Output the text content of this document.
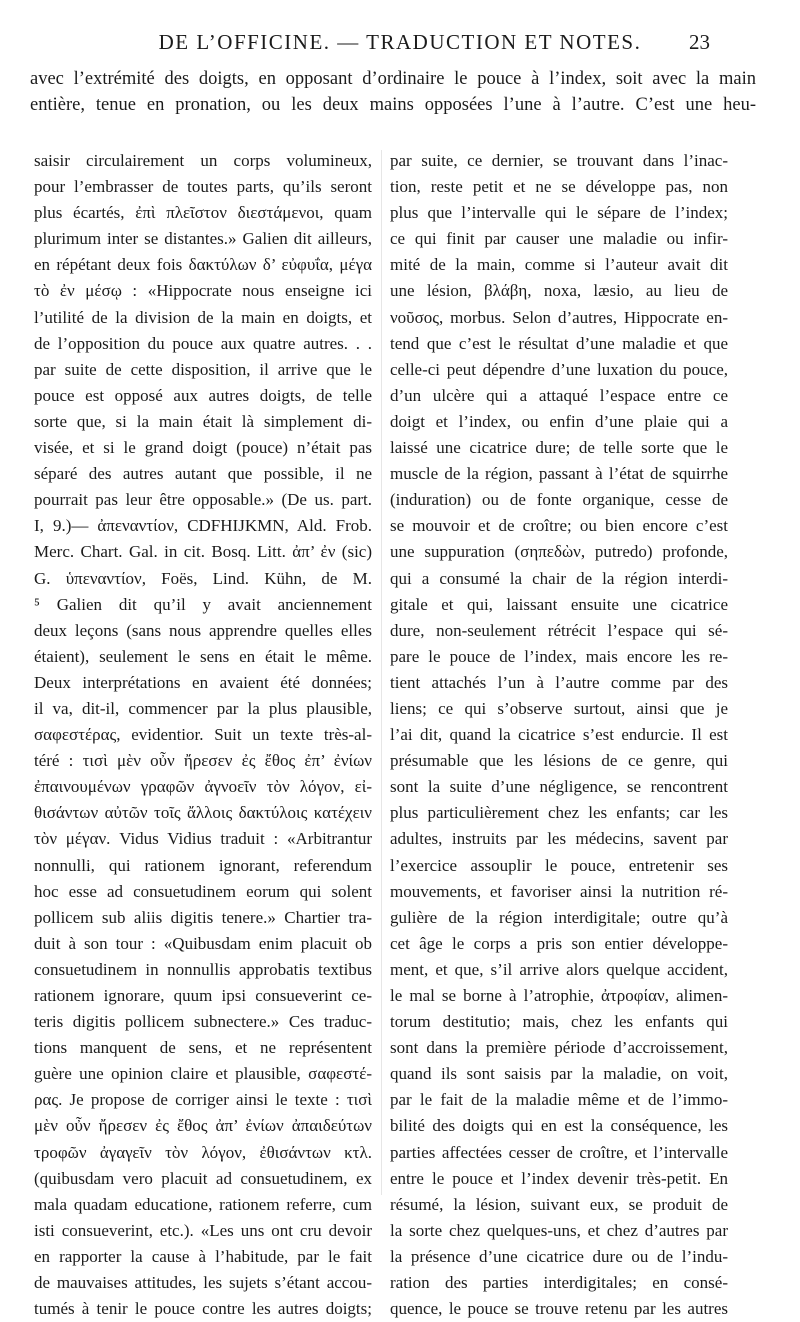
DE L’OFFICINE. — TRADUCTION ET NOTES.	23
avec l’extrémité des doigts, en opposant d’ordinaire le pouce à l’index, soit avec la main
entière, tenue en pronation, ou les deux mains opposées l’une à l’autre. C’est une heu-
saisir circulairement un corps volumineux,
pour l’embrasser de toutes parts, qu’ils seront
plus écartés, ἐπὶ πλεῖστον διεστάμενοι, quam
plurimum inter se distantes.» Galien dit ailleurs,
en répétant deux fois δακτύλων δ’ εὐφυΐα, μέγα
τὸ ἐν μέσῳ : «Hippocrate nous enseigne ici
l’utilité de la division de la main en doigts, et
de l’opposition du pouce aux quatre autres. . .
par suite de cette disposition, il arrive que le
pouce est opposé aux autres doigts, de telle
sorte que, si la main était là simplement di-
visée, et si le grand doigt (pouce) n’était pas
séparé des autres autant que possible, il ne
pourrait pas leur être opposable.» (De us. part.
I, 9.)— ἀπεναντίον, CDFHIJKMN, Ald. Frob.
Merc. Chart. Gal. in cit. Bosq. Litt. ἀπ’ ἐν (sic)
G. ὑπεναντίον, Foës, Lind. Kühn, de M.
⁵ Galien dit qu’il y avait anciennement
deux leçons (sans nous apprendre quelles elles
étaient), seulement le sens en était le même.
Deux interprétations en avaient été données;
il va, dit-il, commencer par la plus plausible,
σαφεστέρας, evidentior. Suit un texte très-al-
téré : τισὶ μὲν οὖν ἤρεσεν ἐς ἔθος ἐπ’ ἐνίων
ἐπαινουμένων γραφῶν ἀγνοεῖν τὸν λόγον, εἰ-
θισάντων αὐτῶν τοῖς ἄλλοις δακτύλοις κατέχειν
τὸν μέγαν. Vidus Vidius traduit : «Arbitrantur
nonnulli, qui rationem ignorant, referendum
hoc esse ad consuetudinem eorum qui solent
pollicem sub aliis digitis tenere.» Chartier tra-
duit à son tour : «Quibusdam enim placuit ob
consuetudinem in nonnullis approbatis textibus
rationem ignorare, quum ipsi consueverint ce-
teris digitis pollicem subnectere.» Ces traduc-
tions manquent de sens, et ne représentent
guère une opinion claire et plausible, σαφεστέ-
ρας. Je propose de corriger ainsi le texte : τισὶ
μὲν οὖν ἤρεσεν ἐς ἔθος ἀπ’ ἐνίων ἀπαιδεύτων
τροφῶν ἀγαγεῖν τὸν λόγον, ἐθισάντων κτλ.
(quibusdam vero placuit ad consuetudinem, ex
mala quadam educatione, rationem referre, cum
isti consueverint, etc.). «Les uns ont cru devoir
en rapporter la cause à l’habitude, par le fait
de mauvaises attitudes, les sujets s’étant accou-
tumés à tenir le pouce contre les autres doigts;
par suite, ce dernier, se trouvant dans l’inac-
tion, reste petit et ne se développe pas, non
plus que l’intervalle qui le sépare de l’index;
ce qui finit par causer une maladie ou infir-
mité de la main, comme si l’auteur avait dit
une lésion, βλάβη, noxa, læsio, au lieu de
νοῦσος, morbus. Selon d’autres, Hippocrate en-
tend que c’est le résultat d’une maladie et que
celle-ci peut dépendre d’une luxation du pouce,
d’un ulcère qui a attaqué l’espace entre ce
doigt et l’index, ou enfin d’une plaie qui a
laissé une cicatrice dure; de telle sorte que le
muscle de la région, passant à l’état de squirrhe
(induration) ou de fonte organique, cesse de
se mouvoir et de croître; ou bien encore c’est
une suppuration (σηπεδὼν, putredo) profonde,
qui a consumé la chair de la région interdi-
gitale et qui, laissant ensuite une cicatrice
dure, non-seulement rétrécit l’espace qui sé-
pare le pouce de l’index, mais encore les re-
tient attachés l’un à l’autre comme par des
liens; ce qui s’observe surtout, ainsi que je
l’ai dit, quand la cicatrice s’est endurcie. Il est
présumable que les lésions de ce genre, qui
sont la suite d’une négligence, se rencontrent
plus particulièrement chez les enfants; car les
adultes, instruits par les médecins, savent par
l’exercice assouplir le pouce, entretenir ses
mouvements, et favoriser ainsi la nutrition ré-
gulière de la région interdigitale; outre qu’à
cet âge le corps a pris son entier développe-
ment, et que, s’il arrive alors quelque accident,
le mal se borne à l’atrophie, ἀτροφίαν, alimen-
torum destitutio; mais, chez les enfants qui
sont dans la première période d’accroissement,
quand ils sont saisis par la maladie, on voit,
par le fait de la maladie même et de l’immo-
bilité des doigts qui en est la conséquence, les
parties affectées cesser de croître, et l’intervalle
entre le pouce et l’index devenir très-petit. En
résumé, la lésion, suivant eux, se produit de
la sorte chez quelques-uns, et chez d’autres par
la présence d’une cicatrice dure ou de l’indu-
ration des parties interdigitales; en consé-
quence, le pouce se trouve retenu par les autres
